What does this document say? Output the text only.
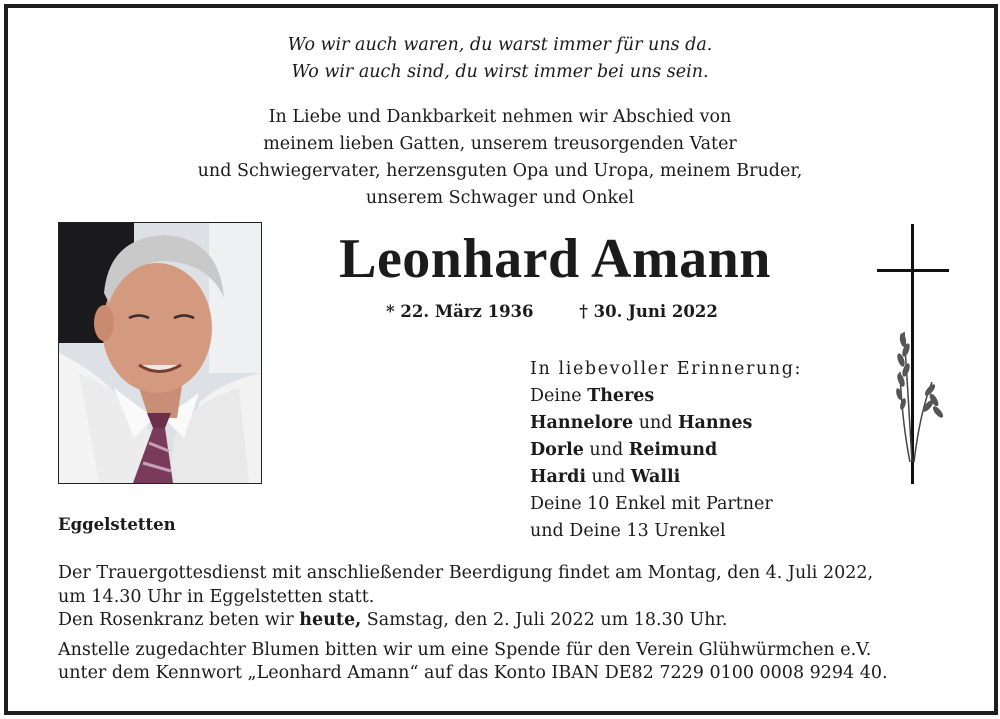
Wo wir auch waren, du warst immer für uns da.
Wo wir auch sind, du wirst immer bei uns sein.
In Liebe und Dankbarkeit nehmen wir Abschied von
meinem lieben Gatten, unserem treusorgenden Vater
und Schwiegervater, herzensguten Opa und Uropa, meinem Bruder,
unserem Schwager und Onkel
Leonhard Amann
* 22. März 1936	† 30. Juni 2022
Eggelstetten
In liebevoller Erinnerung:
Deine Theres
Hannelore und Hannes
Dorle und Reimund
Hardi und Walli
Deine 10 Enkel mit Partner
und Deine 13 Urenkel
Der Trauergottesdienst mit anschließender Beerdigung findet am Montag, den 4. Juli 2022,
um 14.30 Uhr in Eggelstetten statt.
Den Rosenkranz beten wir heute, Samstag, den 2. Juli 2022 um 18.30 Uhr.
Anstelle zugedachter Blumen bitten wir um eine Spende für den Verein Glühwürmchen e.V.
unter dem Kennwort „Leonhard Amann“ auf das Konto IBAN DE82 7229 0100 0008 9294 40.
